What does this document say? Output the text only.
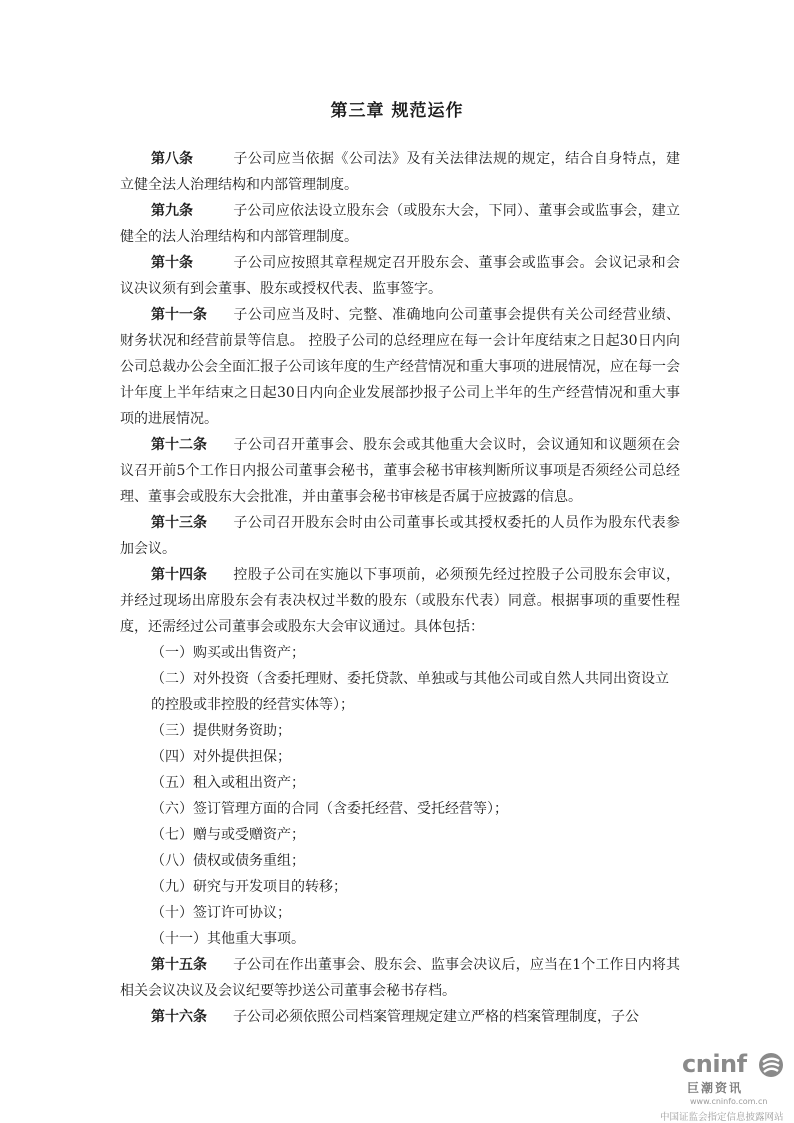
第三章 规范运作

第八条	子公司应当依据《公司法》及有关法律法规的规定，结合自身特点，建立健全法人治理结构和内部管理制度。

第九条	子公司应依法设立股东会（或股东大会，下同）、董事会或监事会，建立健全的法人治理结构和内部管理制度。

第十条	子公司应按照其章程规定召开股东会、董事会或监事会。会议记录和会议决议须有到会董事、股东或授权代表、监事签字。

第十一条 子公司应当及时、完整、准确地向公司董事会提供有关公司经营业绩、财务状况和经营前景等信息。 控股子公司的总经理应在每一会计年度结束之日起30日内向公司总裁办公会全面汇报子公司该年度的生产经营情况和重大事项的进展情况，应在每一会计年度上半年结束之日起30日内向企业发展部抄报子公司上半年的生产经营情况和重大事项的进展情况。

第十二条 子公司召开董事会、股东会或其他重大会议时，会议通知和议题须在会议召开前5个工作日内报公司董事会秘书，董事会秘书审核判断所议事项是否须经公司总经理、董事会或股东大会批准，并由董事会秘书审核是否属于应披露的信息。

第十三条 子公司召开股东会时由公司董事长或其授权委托的人员作为股东代表参加会议。

第十四条 控股子公司在实施以下事项前，必须预先经过控股子公司股东会审议，并经过现场出席股东会有表决权过半数的股东（或股东代表）同意。根据事项的重要性程度，还需经过公司董事会或股东大会审议通过。具体包括：

（一）购买或出售资产；

（二）对外投资（含委托理财、委托贷款、单独或与其他公司或自然人共同出资设立的控股或非控股的经营实体等）；

（三）提供财务资助；

（四）对外提供担保；

（五）租入或租出资产；

（六）签订管理方面的合同（含委托经营、受托经营等）；

（七）赠与或受赠资产；

（八）债权或债务重组；

（九）研究与开发项目的转移；

（十）签订许可协议；

（十一）其他重大事项。

第十五条 子公司在作出董事会、股东会、监事会决议后，应当在1个工作日内将其相关会议决议及会议纪要等抄送公司董事会秘书存档。

第十六条 子公司必须依照公司档案管理规定建立严格的档案管理制度，子公

cninf
巨潮资讯
www.cninfo.com.cn
中国证监会指定信息披露网站
